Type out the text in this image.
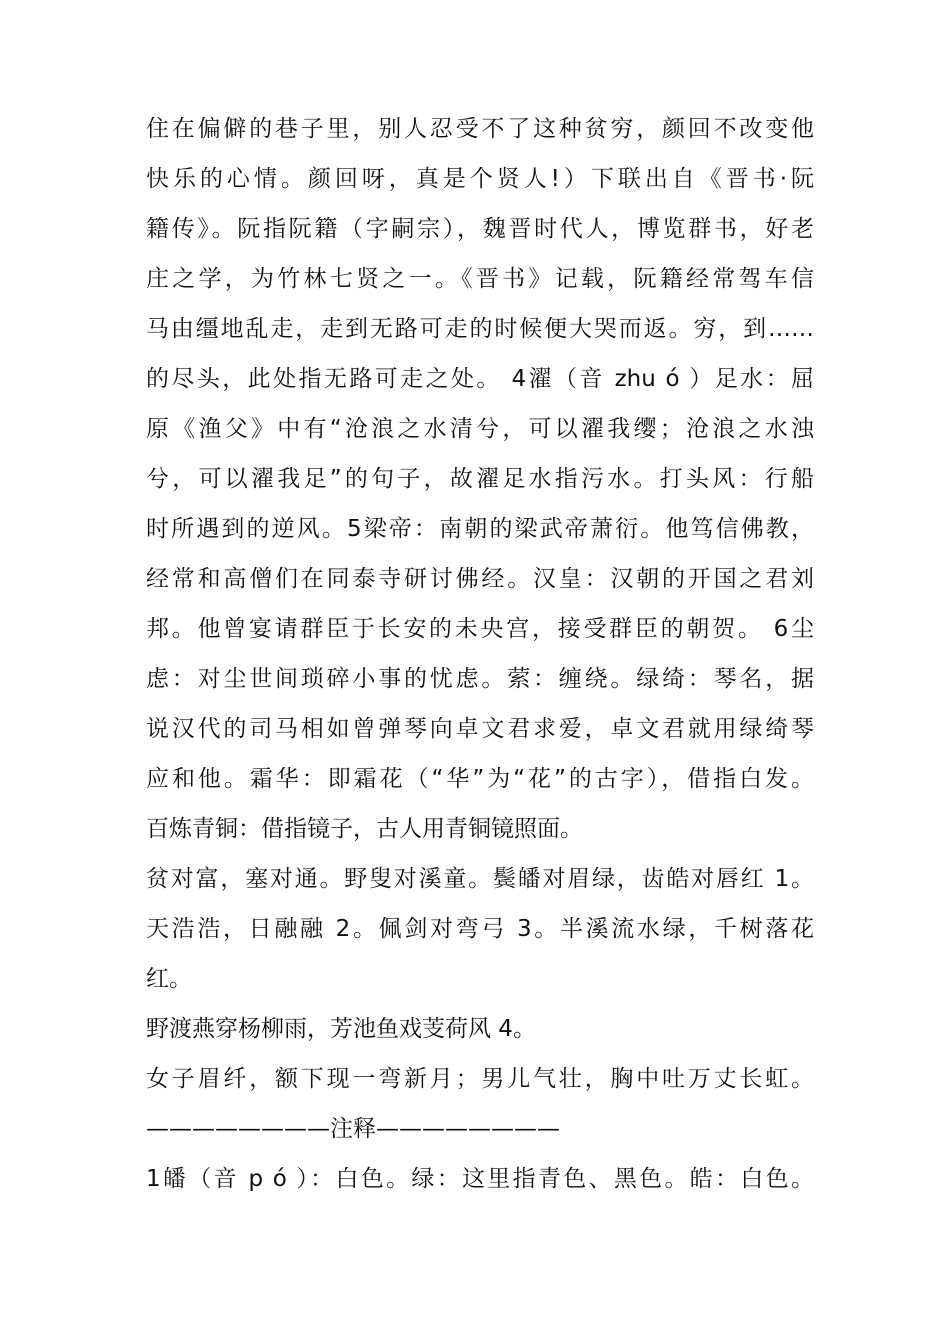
住在偏僻的巷子里，别人忍受不了这种贫穷，颜回不改变他
快乐的心情。颜回呀，真是个贤人!）下联出自《晋书·阮
籍传》。阮指阮籍（字嗣宗），魏晋时代人，博览群书，好老
庄之学，为竹林七贤之一。《晋书》记载，阮籍经常驾车信
马由缰地乱走，走到无路可走的时候便大哭而返。穷，到……
的尽头，此处指无路可走之处。 4濯（音 zhu ó ）足水：屈
原《渔父》中有“沧浪之水清兮，可以濯我缨；沧浪之水浊
兮，可以濯我足”的句子，故濯足水指污水。打头风：行船
时所遇到的逆风。5梁帝：南朝的梁武帝萧衍。他笃信佛教，
经常和高僧们在同泰寺研讨佛经。汉皇：汉朝的开国之君刘
邦。他曾宴请群臣于长安的未央宫，接受群臣的朝贺。 6尘
虑：对尘世间琐碎小事的忧虑。萦：缠绕。绿绮：琴名，据
说汉代的司马相如曾弹琴向卓文君求爱，卓文君就用绿绮琴
应和他。霜华：即霜花（“华”为“花”的古字），借指白发。
百炼青铜：借指镜子，古人用青铜镜照面。
贫对富，塞对通。野叟对溪童。鬓皤对眉绿，齿皓对唇红 1。
天浩浩，日融融 2。佩剑对弯弓 3。半溪流水绿，千树落花
红。
野渡燕穿杨柳雨，芳池鱼戏芰荷风 4。
女子眉纤，额下现一弯新月；男儿气壮，胸中吐万丈长虹。
————————注释————————
1皤（音 p ó ）：白色。绿：这里指青色、黑色。皓：白色。
